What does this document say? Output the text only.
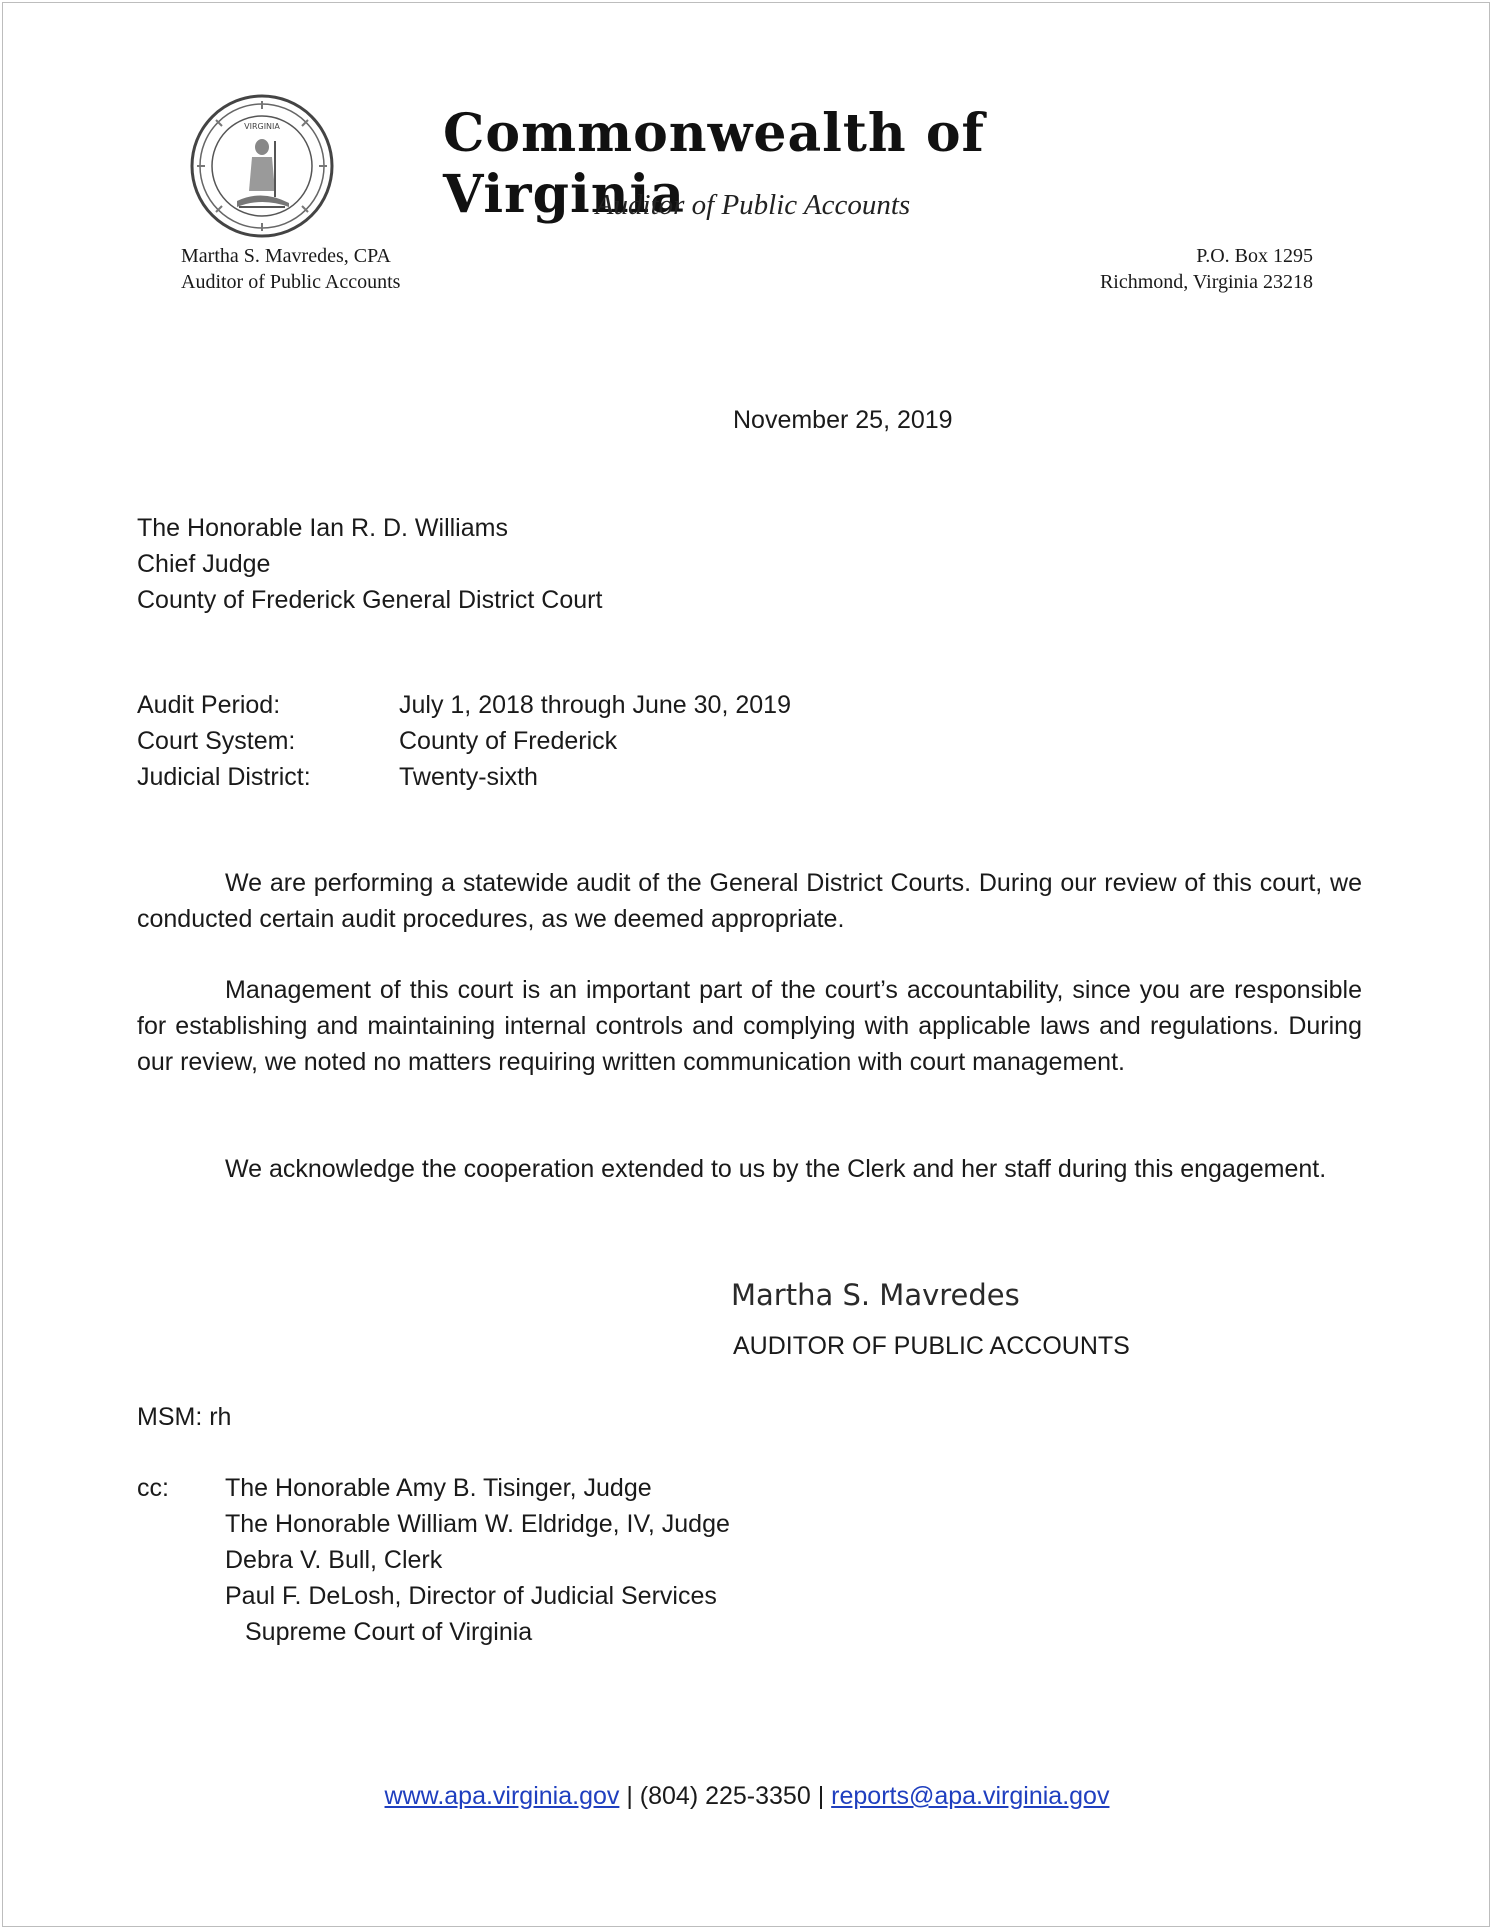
VIRGINIA	Commonwealth of Virginia
Auditor of Public Accounts
Martha S. Mavredes, CPA
Auditor of Public Accounts
P.O. Box 1295
Richmond, Virginia 23218
November 25, 2019
The Honorable Ian R. D. Williams
Chief Judge
County of Frederick General District Court
Audit Period:	July 1, 2018 through June 30, 2019
Court System:	County of Frederick
Judicial District:	Twenty-sixth
We are performing a statewide audit of the General District Courts. During our review of this court, we conducted certain audit procedures, as we deemed appropriate.
Management of this court is an important part of the court’s accountability, since you are responsible for establishing and maintaining internal controls and complying with applicable laws and regulations. During our review, we noted no matters requiring written communication with court management.
We acknowledge the cooperation extended to us by the Clerk and her staff during this engagement.
Martha S. Mavredes
AUDITOR OF PUBLIC ACCOUNTS
MSM: rh
cc: The Honorable Amy B. Tisinger, Judge
The Honorable William W. Eldridge, IV, Judge
Debra V. Bull, Clerk
Paul F. DeLosh, Director of Judicial Services
Supreme Court of Virginia
www.apa.virginia.gov | (804) 225-3350 | reports@apa.virginia.gov
